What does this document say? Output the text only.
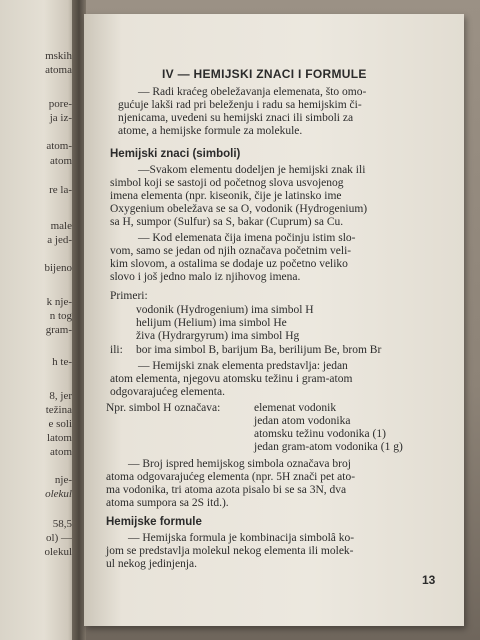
mskih
atoma
pore-
ja iz-
atom-
atom
re la-
male
a jed-
bijeno
k nje-
n tog
gram-
h te-
8, jer
težina
e soli
latom
atom
nje-
olekul
58,5
ol) —
olekul
IV — HEMIJSKI ZNACI I FORMULE
— Radi kraćeg obeležavanja elemenata, što omo-
gućuje lakši rad pri beleženju i radu sa hemijskim či-
njenicama, uvedeni su hemijski znaci ili simboli za
atome, a hemijske formule za molekule.
Hemijski znaci (simboli)
—Svakom elementu dodeljen je hemijski znak ili
simbol koji se sastoji od početnog slova usvojenog
imena elementa (npr. kiseonik, čije je latinsko ime
Oxygenium obeležava se sa O, vodonik (Hydrogenium)
sa H, sumpor (Sulfur) sa S, bakar (Cuprum) sa Cu.
— Kod elemenata čija imena počinju istim slo-
vom, samo se jedan od njih označava početnim veli-
kim slovom, a ostalima se dodaje uz početno veliko
slovo i još jedno malo iz njihovog imena.
Primeri:
vodonik (Hydrogenium) ima simbol H
helijum (Helium) ima simbol He
živa (Hydrargyrum) ima simbol Hg
ili: bor ima simbol B, barijum Ba, berilijum Be, brom Br
— Hemijski znak elementa predstavlja: jedan
atom elementa, njegovu atomsku težinu i gram-atom
odgovarajućeg elementa.
Npr. simbol H označava:	elemenat vodonik
jedan atom vodonika
atomsku težinu vodonika (1)
jedan gram-atom vodonika (1 g)
— Broj ispred hemijskog simbola označava broj
atoma odgovarajućeg elementa (npr. 5H znači pet ato-
ma vodonika, tri atoma azota pisalo bi se sa 3N, dva
atoma sumpora sa 2S itd.).
Hemijske formule
— Hemijska formula je kombinacija simbolâ ko-
jom se predstavlja molekul nekog elementa ili molek-
ul nekog jedinjenja.
13
